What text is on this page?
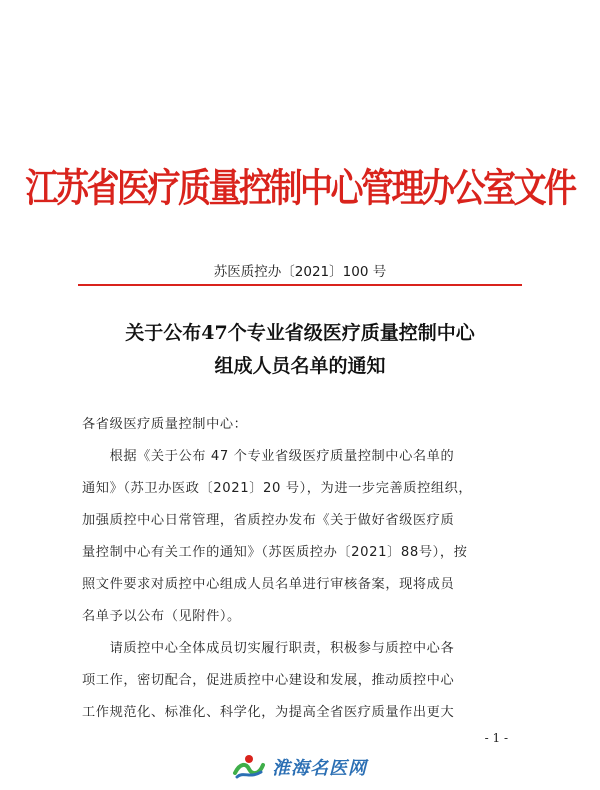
江苏省医疗质量控制中心管理办公室文件
苏医质控办〔2021〕100 号
关于公布47个专业省级医疗质量控制中心
组成人员名单的通知
各省级医疗质量控制中心：
　　根据《关于公布 47 个专业省级医疗质量控制中心名单的
通知》（苏卫办医政〔2021〕20 号），为进一步完善质控组织，
加强质控中心日常管理，省质控办发布《关于做好省级医疗质
量控制中心有关工作的通知》（苏医质控办〔2021〕88号），按
照文件要求对质控中心组成人员名单进行审核备案，现将成员
名单予以公布（见附件）。
　　请质控中心全体成员切实履行职责，积极参与质控中心各
项工作，密切配合，促进质控中心建设和发展，推动质控中心
工作规范化、标准化、科学化，为提高全省医疗质量作出更大
- 1 -
淮海名医网
